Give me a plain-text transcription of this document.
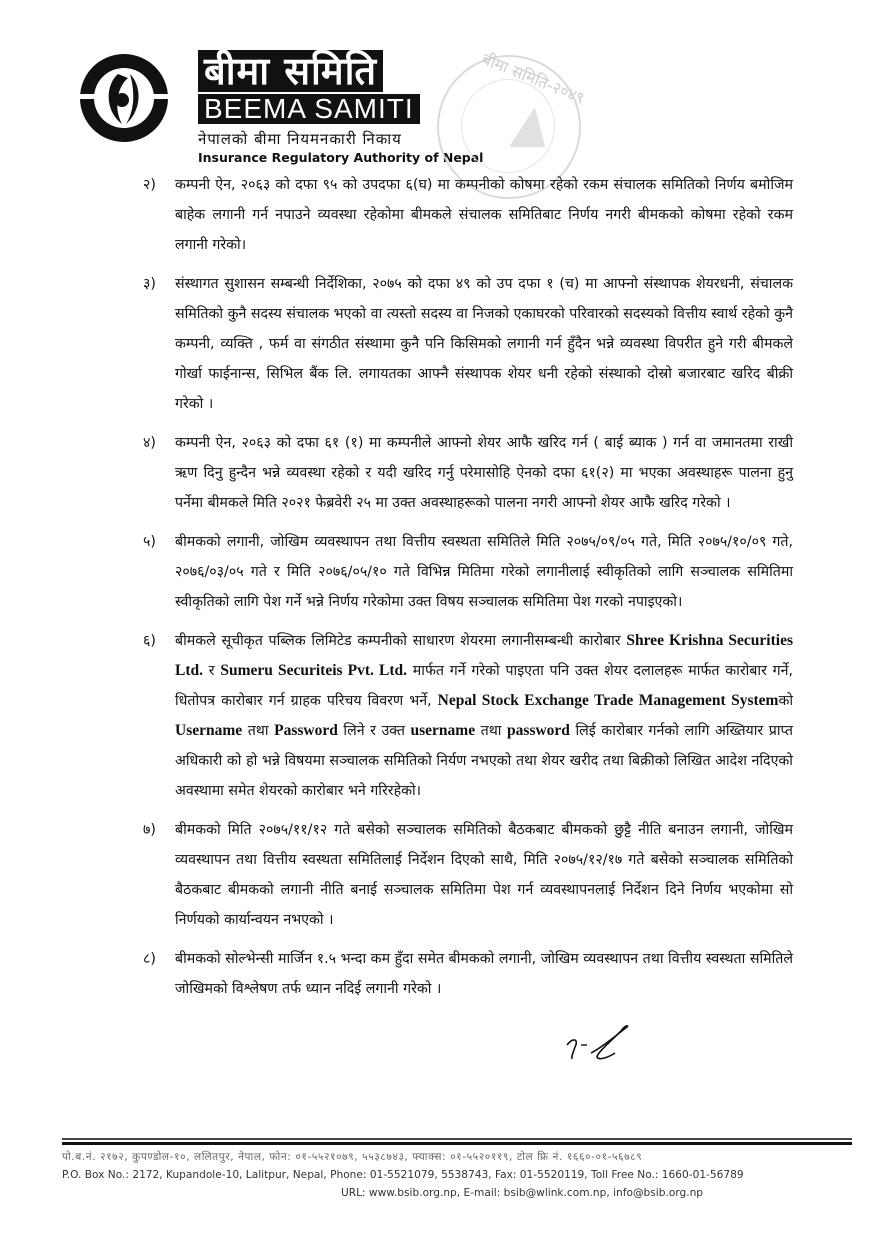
बीमा समिति
BEEMA SAMITI
नेपालको बीमा नियमनकारी निकाय
Insurance Regulatory Authority of Nepal
बीमा समिति-२०४९
२) कम्पनी ऐन, २०६३ को दफा ९५ को उपदफा ६(घ) मा कम्पनीको कोषमा रहेको रकम संचालक समितिको निर्णय बमोजिम बाहेक लगानी गर्न नपाउने व्यवस्था रहेकोमा बीमकले संचालक समितिबाट निर्णय नगरी बीमकको कोषमा रहेको रकम लगानी गरेको।
३) संस्थागत सुशासन सम्बन्धी निर्देशिका, २०७५ को दफा ४९ को उप दफा १ (च) मा आफ्नो संस्थापक शेयरधनी, संचालक समितिको कुनै सदस्य संचालक भएको वा त्यस्तो सदस्य वा निजको एकाघरको परिवारको सदस्यको वित्तीय स्वार्थ रहेको कुनै कम्पनी, व्यक्ति , फर्म वा संगठीत संस्थामा कुनै पनि किसिमको लगानी गर्न हुँदैन भन्ने व्यवस्था विपरीत हुने गरी बीमकले गोर्खा फाईनान्स, सिभिल बैंक लि. लगायतका आफ्नै संस्थापक शेयर धनी रहेको संस्थाको दोस्रो बजारबाट खरिद बीक्री गरेको ।
४) कम्पनी ऐन, २०६३ को दफा ६१ (१) मा कम्पनीले आफ्नो शेयर आफै खरिद गर्न ( बाई ब्याक ) गर्न वा जमानतमा राखी ऋण दिनु हुन्दैन भन्ने व्यवस्था रहेको र यदी खरिद गर्नु परेमासोहि ऐनको दफा ६१(२) मा भएका अवस्थाहरू पालना हुनु पर्नेमा बीमकले मिति २०२१ फेब्रवेरी २५ मा उक्त अवस्थाहरूको पालना नगरी आफ्नो शेयर आफै खरिद गरेको ।
५) बीमकको लगानी, जोखिम व्यवस्थापन तथा वित्तीय स्वस्थता समितिले मिति २०७५/०९/०५ गते, मिति २०७५/१०/०९ गते, २०७६/०३/०५ गते र मिति २०७६/०५/१० गते विभिन्न मितिमा गरेको लगानीलाई स्वीकृतिको लागि सञ्चालक समितिमा स्वीकृतिको लागि पेश गर्ने भन्ने निर्णय गरेकोमा उक्त विषय सञ्चालक समितिमा पेश गरको नपाइएको।
६) बीमकले सूचीकृत पब्लिक लिमिटेड कम्पनीको साधारण शेयरमा लगानीसम्बन्धी कारोबार Shree Krishna Securities Ltd. र Sumeru Securiteis Pvt. Ltd. मार्फत गर्ने गरेको पाइएता पनि उक्त शेयर दलालहरू मार्फत कारोबार गर्ने, धितोपत्र कारोबार गर्न ग्राहक परिचय विवरण भर्ने, Nepal Stock Exchange Trade Management Systemको Username तथा Password लिने र उक्त username तथा password लिई कारोबार गर्नको लागि अख्तियार प्राप्त अधिकारी को हो भन्ने विषयमा सञ्चालक समितिको निर्यण नभएको तथा शेयर खरीद तथा बिक्रीको लिखित आदेश नदिएको अवस्थामा समेत शेयरको कारोबार भने गरिरहेको।
७) बीमकको मिति २०७५/११/१२ गते बसेको सञ्चालक समितिको बैठकबाट बीमकको छुट्टै नीति बनाउन लगानी, जोखिम व्यवस्थापन तथा वित्तीय स्वस्थता समितिलाई निर्देशन दिएको साथै, मिति २०७५/१२/१७ गते बसेको सञ्चालक समितिको बैठकबाट बीमकको लगानी नीति बनाई सञ्चालक समितिमा पेश गर्न व्यवस्थापनलाई निर्देशन दिने निर्णय भएकोमा सो निर्णयको कार्यान्वयन नभएको ।
८) बीमकको सोल्भेन्सी मार्जिन १.५ भन्दा कम हुँदा समेत बीमकको लगानी, जोखिम व्यवस्थापन तथा वित्तीय स्वस्थता समितिले जोखिमको विश्लेषण तर्फ ध्यान नदिई लगानी गरेको ।
पो.ब.नं. २१७२, कुपण्डोल-१०, ललितपुर, नेपाल, फोन: ०१-५५२१०७९, ५५३८७४३, फ्याक्स: ०१-५५२०११९, टोल फ्रि नं. १६६०-०१-५६७८९
P.O. Box No.: 2172, Kupandole-10, Lalitpur, Nepal, Phone: 01-5521079, 5538743, Fax: 01-5520119, Toll Free No.: 1660-01-56789
URL: www.bsib.org.np, E-mail: bsib@wlink.com.np, info@bsib.org.np
